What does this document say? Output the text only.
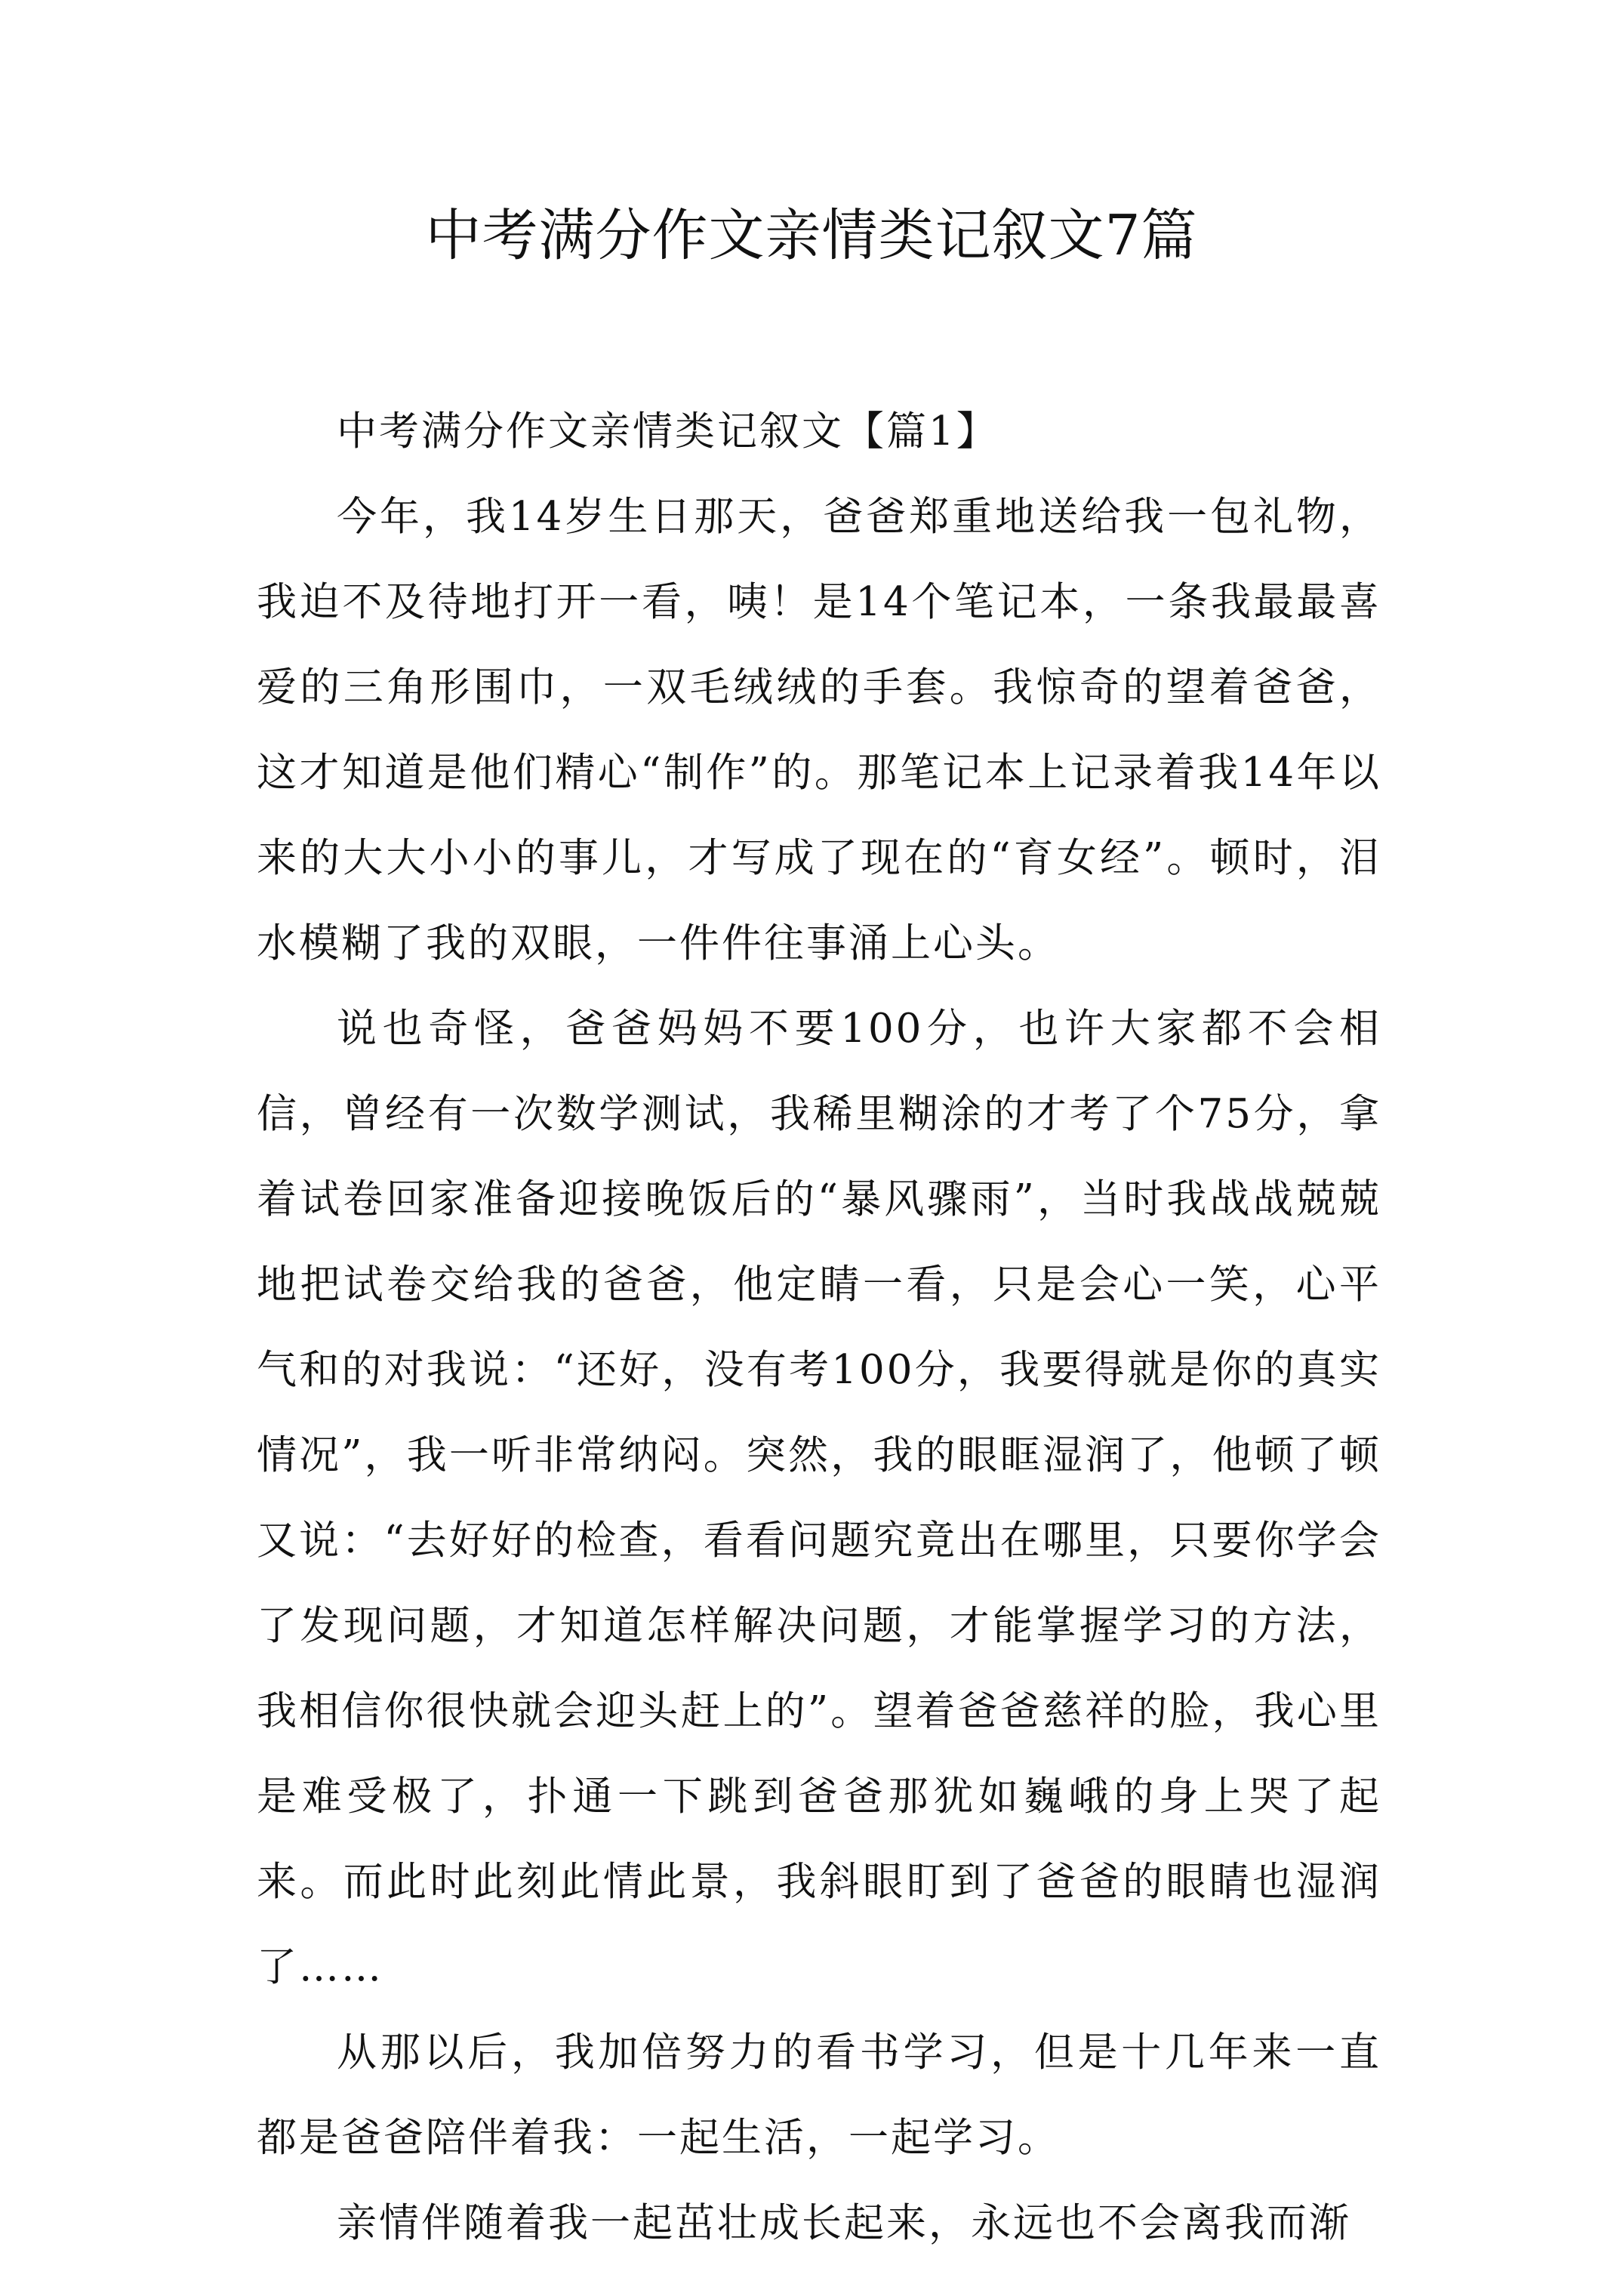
中考满分作文亲情类记叙文7篇

中考满分作文亲情类记叙文【篇1】

今年，我14岁生日那天，爸爸郑重地送给我一包礼物，我迫不及待地打开一看，咦！是14个笔记本，一条我最最喜爱的三角形围巾，一双毛绒绒的手套。我惊奇的望着爸爸，这才知道是他们精心“制作”的。那笔记本上记录着我14年以来的大大小小的事儿，才写成了现在的“育女经”。顿时，泪水模糊了我的双眼，一件件往事涌上心头。

说也奇怪，爸爸妈妈不要100分，也许大家都不会相信，曾经有一次数学测试，我稀里糊涂的才考了个75分，拿着试卷回家准备迎接晚饭后的“暴风骤雨”，当时我战战兢兢地把试卷交给我的爸爸，他定睛一看，只是会心一笑，心平气和的对我说：“还好，没有考100分，我要得就是你的真实情况”，我一听非常纳闷。突然，我的眼眶湿润了，他顿了顿又说：“去好好的检查，看看问题究竟出在哪里，只要你学会了发现问题，才知道怎样解决问题，才能掌握学习的方法，我相信你很快就会迎头赶上的”。望着爸爸慈祥的脸，我心里是难受极了，扑通一下跳到爸爸那犹如巍峨的身上哭了起来。而此时此刻此情此景，我斜眼盯到了爸爸的眼睛也湿润了……

从那以后，我加倍努力的看书学习，但是十几年来一直都是爸爸陪伴着我：一起生活，一起学习。

亲情伴随着我一起茁壮成长起来，永远也不会离我而渐
